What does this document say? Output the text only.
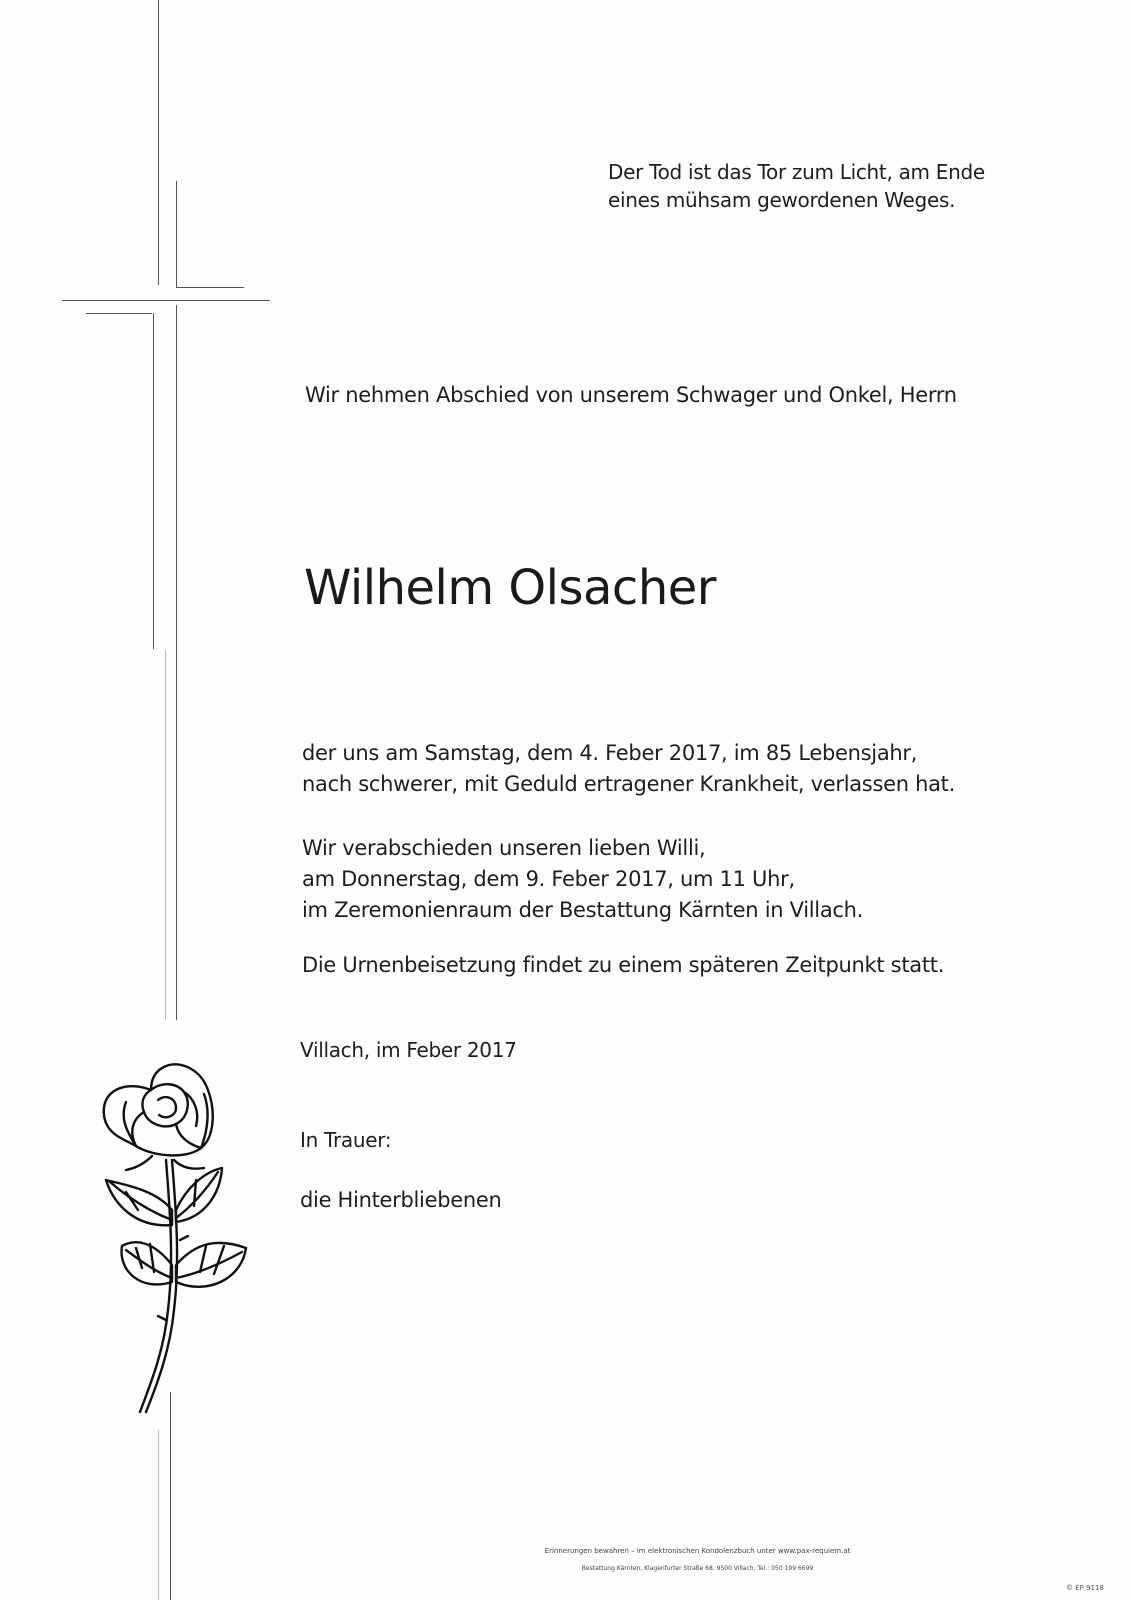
Der Tod ist das Tor zum Licht, am Ende
eines mühsam gewordenen Weges.
Wir nehmen Abschied von unserem Schwager und Onkel, Herrn
Wilhelm Olsacher
der uns am Samstag, dem 4. Feber 2017, im 85 Lebensjahr,
nach schwerer, mit Geduld ertragener Krankheit, verlassen hat.
Wir verabschieden unseren lieben Willi,
am Donnerstag, dem 9. Feber 2017, um 11 Uhr,
im Zeremonienraum der Bestattung Kärnten in Villach.
Die Urnenbeisetzung findet zu einem späteren Zeitpunkt statt.
Villach, im Feber 2017
In Trauer:
die Hinterbliebenen
Erinnerungen bewahren – im elektronischen Kondolenzbuch unter www.pax-requiem.at
Bestattung Kärnten, Klagenfurter Straße 68, 9500 Villach, Tel.: 050 199 6699
© EP 9118
